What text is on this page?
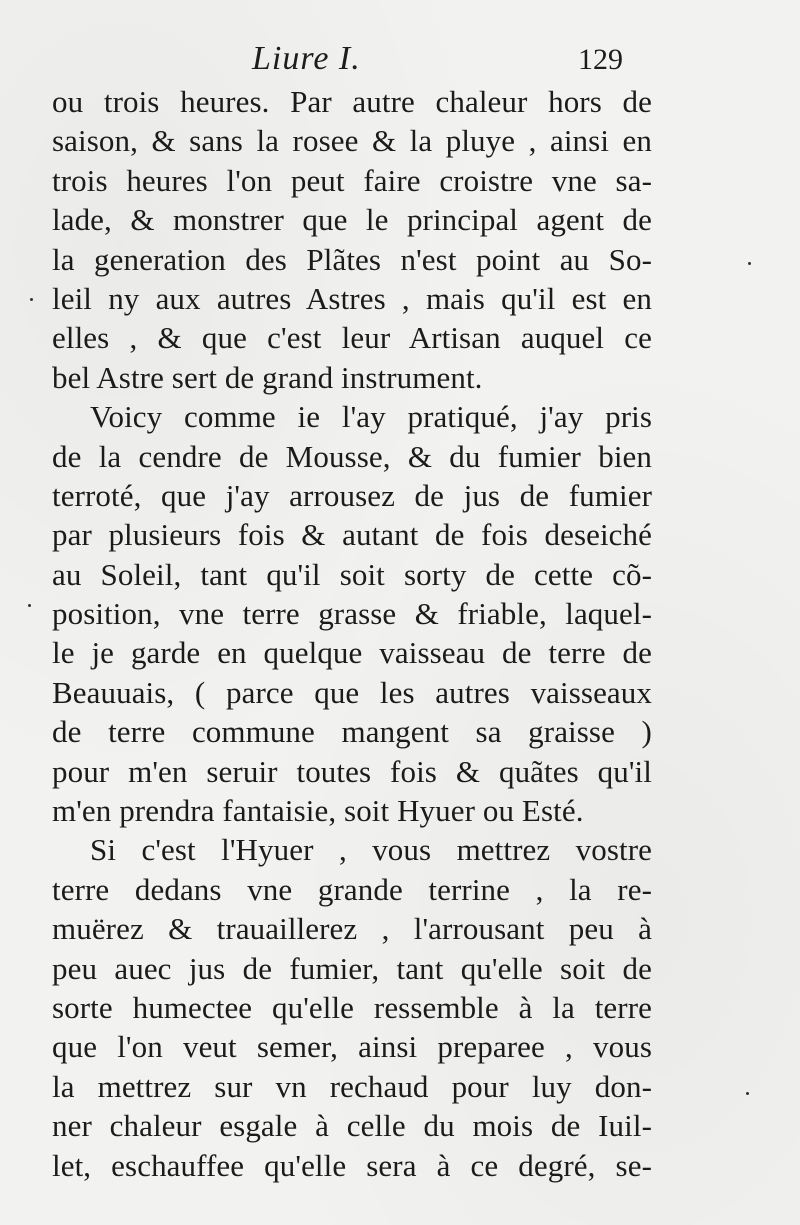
Liure I.	129
ou trois heures. Par autre chaleur hors de
saison, & sans la rosee & la pluye , ainsi en
trois heures l'on peut faire croistre vne sa-
lade, & monstrer que le principal agent de
la generation des Plãtes n'est point au So-
leil ny aux autres Astres , mais qu'il est en
elles , & que c'est leur Artisan auquel ce
bel Astre sert de grand instrument.
Voicy comme ie l'ay pratiqué, j'ay pris
de la cendre de Mousse, & du fumier bien
terroté, que j'ay arrousez de jus de fumier
par plusieurs fois & autant de fois deseiché
au Soleil, tant qu'il soit sorty de cette cõ-
position, vne terre grasse & friable, laquel-
le je garde en quelque vaisseau de terre de
Beauuais, ( parce que les autres vaisseaux
de terre commune mangent sa graisse )
pour m'en seruir toutes fois & quãtes qu'il
m'en prendra fantaisie, soit Hyuer ou Esté.
Si c'est l'Hyuer , vous mettrez vostre
terre dedans vne grande terrine , la re-
muërez & trauaillerez , l'arrousant peu à
peu auec jus de fumier, tant qu'elle soit de
sorte humectee qu'elle ressemble à la terre
que l'on veut semer, ainsi preparee , vous
la mettrez sur vn rechaud pour luy don-
ner chaleur esgale à celle du mois de Iuil-
let, eschauffee qu'elle sera à ce degré, se-
